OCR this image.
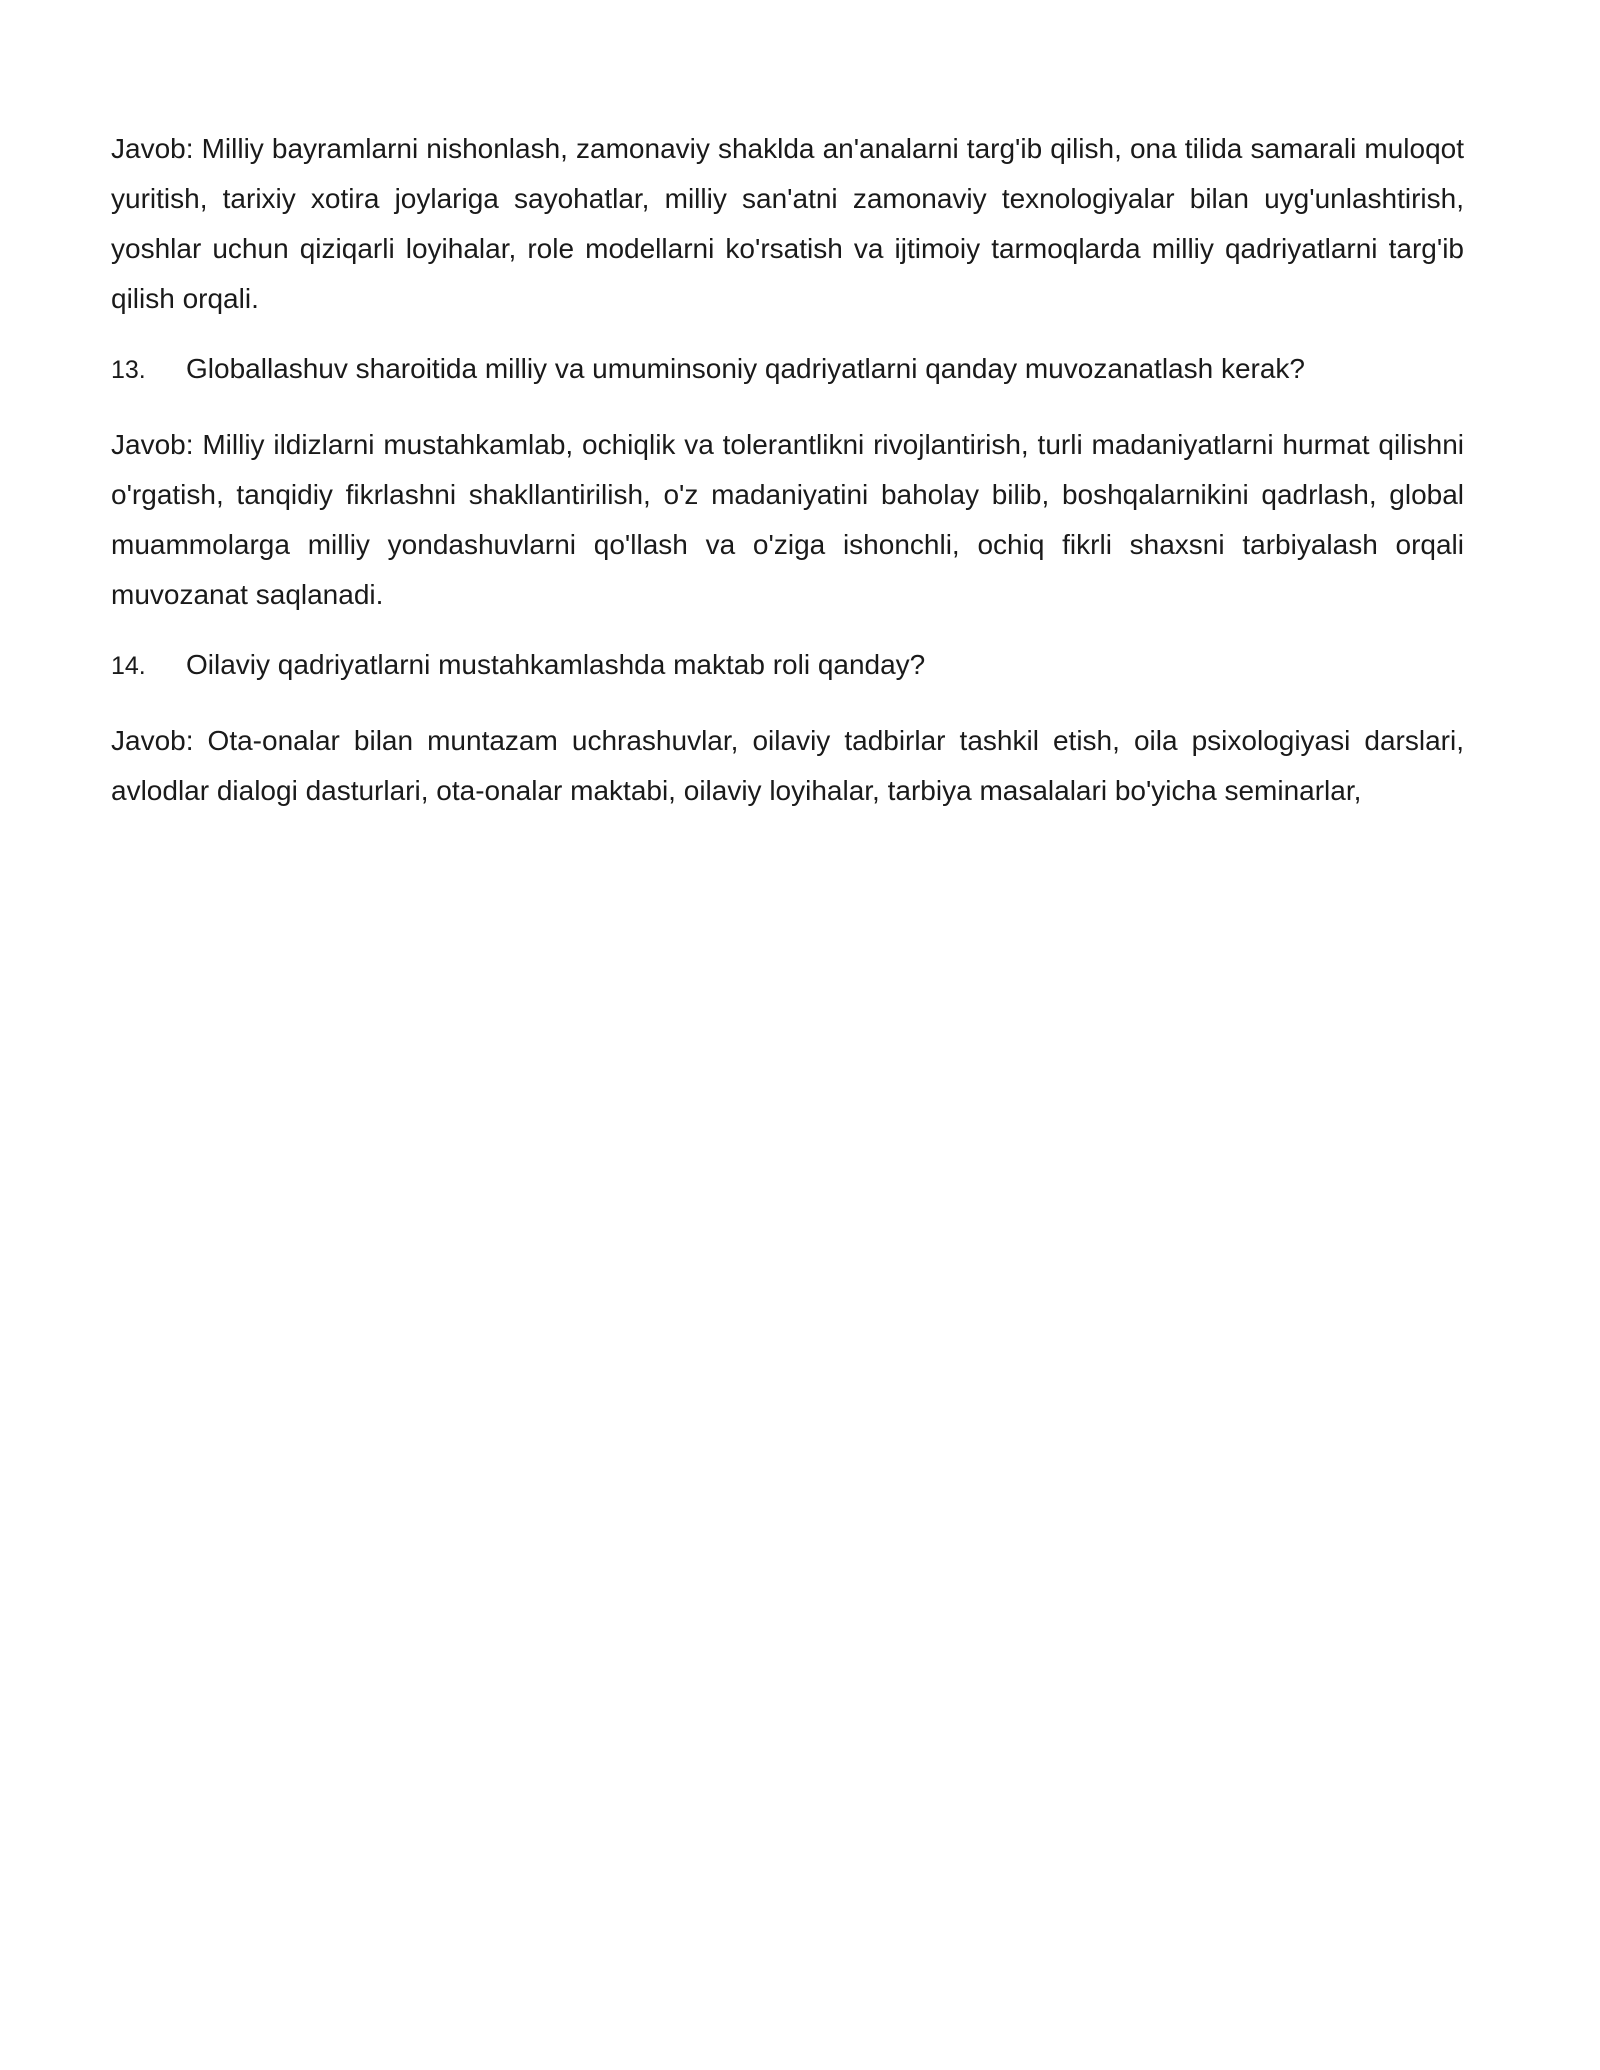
Javob: Milliy bayramlarni nishonlash, zamonaviy shaklda an'analarni targ'ib qilish, ona tilida samarali muloqot yuritish, tarixiy xotira joylariga sayohatlar, milliy san'atni zamonaviy texnologiyalar bilan uyg'unlashtirish, yoshlar uchun qiziqarli loyihalar, role modellarni ko'rsatish va ijtimoiy tarmoqlarda milliy qadriyatlarni targ'ib qilish orqali.

13.	Globallashuv sharoitida milliy va umuminsoniy qadriyatlarni qanday muvozanatlash kerak?

Javob: Milliy ildizlarni mustahkamlab, ochiqlik va tolerantlikni rivojlantirish, turli madaniyatlarni hurmat qilishni o'rgatish, tanqidiy fikrlashni shakllantirilish, o'z madaniyatini baholay bilib, boshqalarnikini qadrlash, global muammolarga milliy yondashuvlarni qo'llash va o'ziga ishonchli, ochiq fikrli shaxsni tarbiyalash orqali muvozanat saqlanadi.

14.	Oilaviy qadriyatlarni mustahkamlashda maktab roli qanday?

Javob: Ota-onalar bilan muntazam uchrashuvlar, oilaviy tadbirlar tashkil etish, oila psixologiyasi darslari, avlodlar dialogi dasturlari, ota-onalar maktabi, oilaviy loyihalar, tarbiya masalalari bo'yicha seminarlar,
